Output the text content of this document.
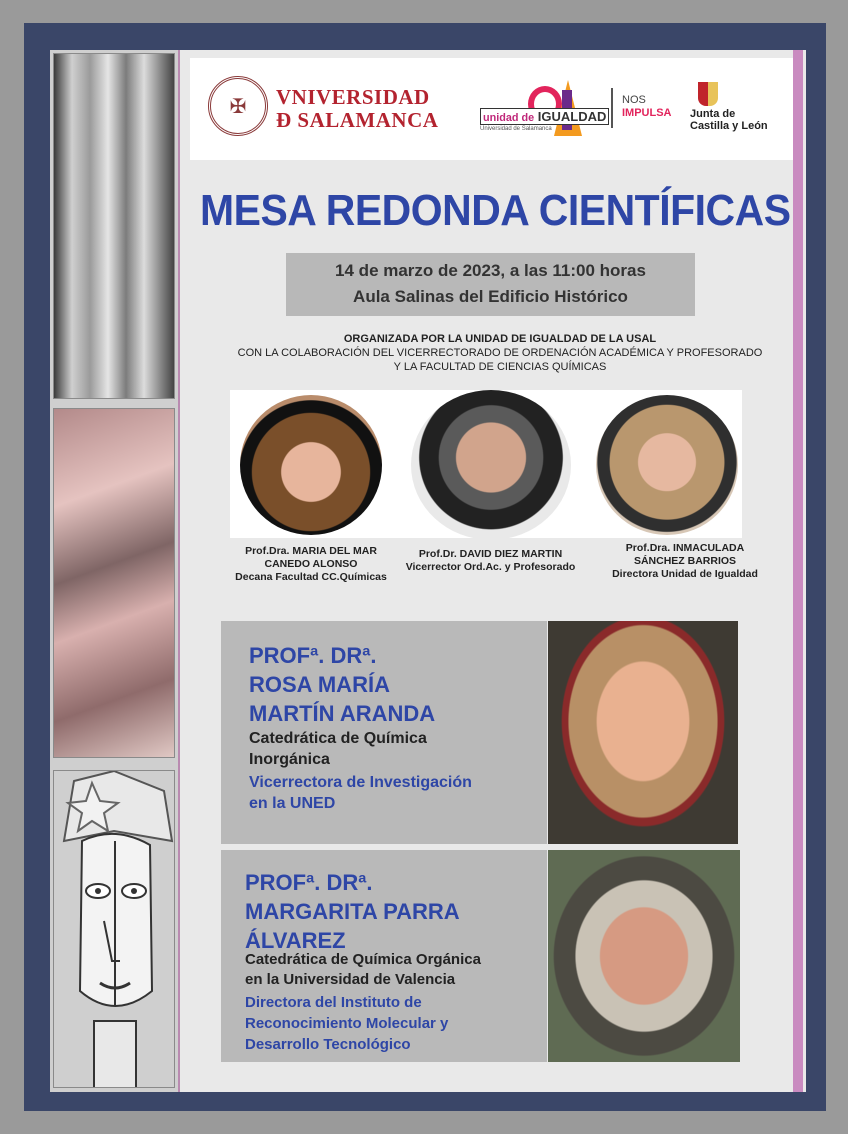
✠	VNIVERSIDAD
Ð SALAMANCA	unidad de IGUALDAD
Universidad de Salamanca
NOS
IMPULSA Junta de
Castilla y León
MESA REDONDA CIENTÍFICAS
14 de marzo de 2023, a las 11:00 horas
Aula Salinas del Edificio Histórico
ORGANIZADA POR LA UNIDAD DE IGUALDAD DE LA USAL
CON LA COLABORACIÓN DEL VICERRECTORADO DE ORDENACIÓN ACADÉMICA Y PROFESORADO
Y LA FACULTAD DE CIENCIAS QUÍMICAS
Prof.Dra. MARIA DEL MAR
CANEDO ALONSO
Decana Facultad CC.Químicas
Prof.Dr. DAVID DIEZ MARTIN
Vicerrector Ord.Ac. y Profesorado
Prof.Dra. INMACULADA
SÁNCHEZ BARRIOS
Directora Unidad de Igualdad
PROFª. DRª.
ROSA MARÍA
MARTÍN ARANDA
Catedrática de Química
Inorgánica
Vicerrectora de Investigación
en la UNED
PROFª. DRª.
MARGARITA PARRA
ÁLVAREZ
Catedrática de Química Orgánica
en la Universidad de Valencia
Directora del Instituto de
Reconocimiento Molecular y
Desarrollo Tecnológico
